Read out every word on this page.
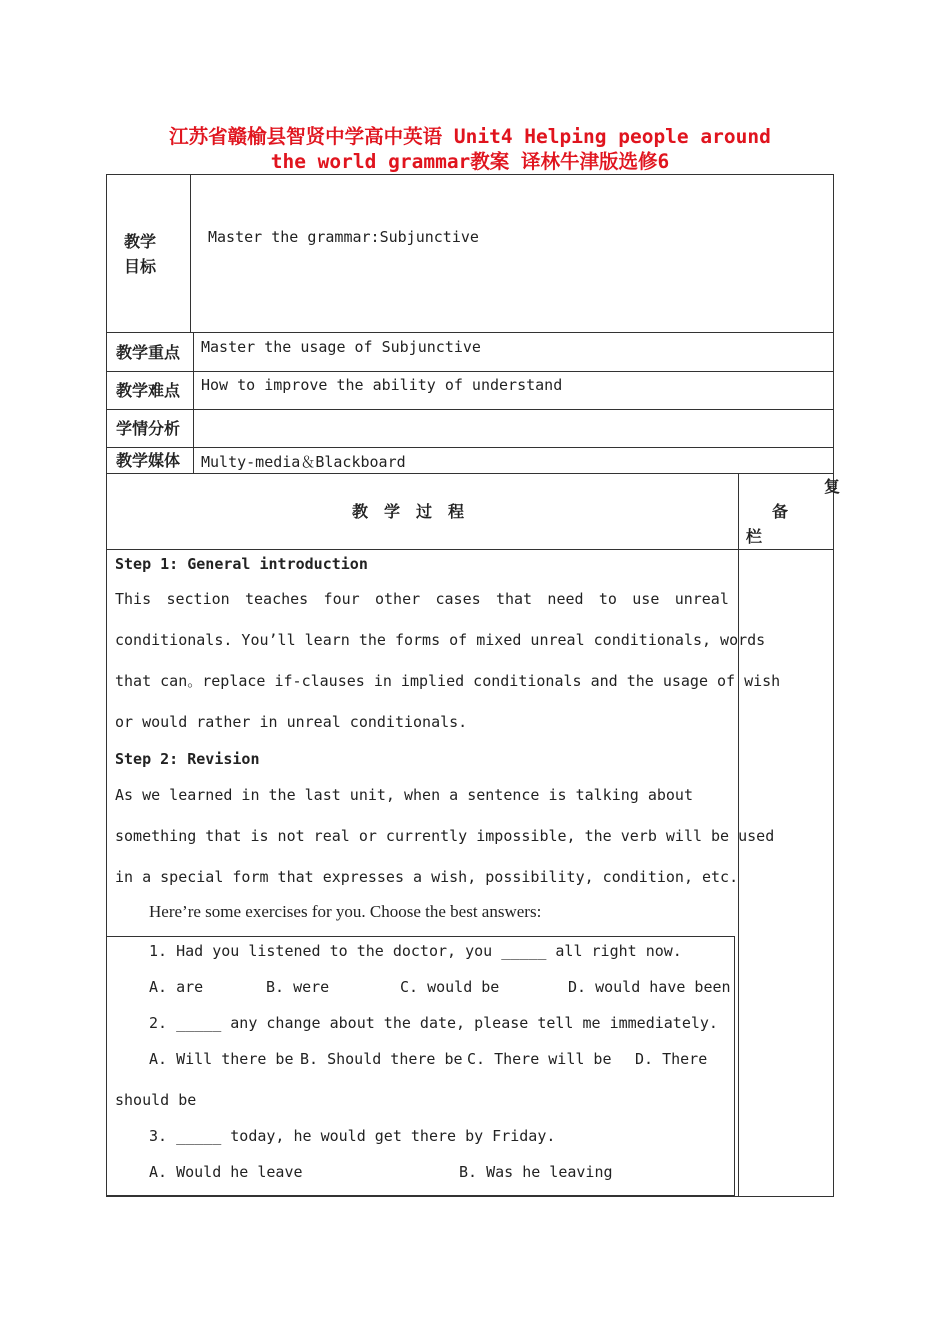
江苏省赣榆县智贤中学高中英语 Unit4 Helping people around
the world grammar教案 译林牛津版选修6
教学
目标
Master the grammar:Subjunctive
教学重点 Master the usage of Subjunctive
教学难点 How to improve the ability of understand
学情分析
教学媒体 Multy-media＆Blackboard
教　学　过　程
复
备
栏
Step 1: General introduction
This section teaches four other cases that need to use unreal
conditionals. You’ll learn the forms of mixed unreal conditionals, words
that can。replace if-clauses in implied conditionals and the usage of wish
or would rather in unreal conditionals.
Step 2: Revision
As we learned in the last unit, when a sentence is talking about
something that is not real or currently impossible, the verb will be used
in a special form that expresses a wish, possibility, condition, etc.
Here’re some exercises for you. Choose the best answers:
1. Had you listened to the doctor, you _____ all right now.
A. are	B. were	C. would be	D. would have been
2. _____ any change about the date, please tell me immediately.
A. Will there be B. Should there be C. There will be D. There
should be
3. _____ today, he would get there by Friday.
A. Would he leave	B. Was he leaving
